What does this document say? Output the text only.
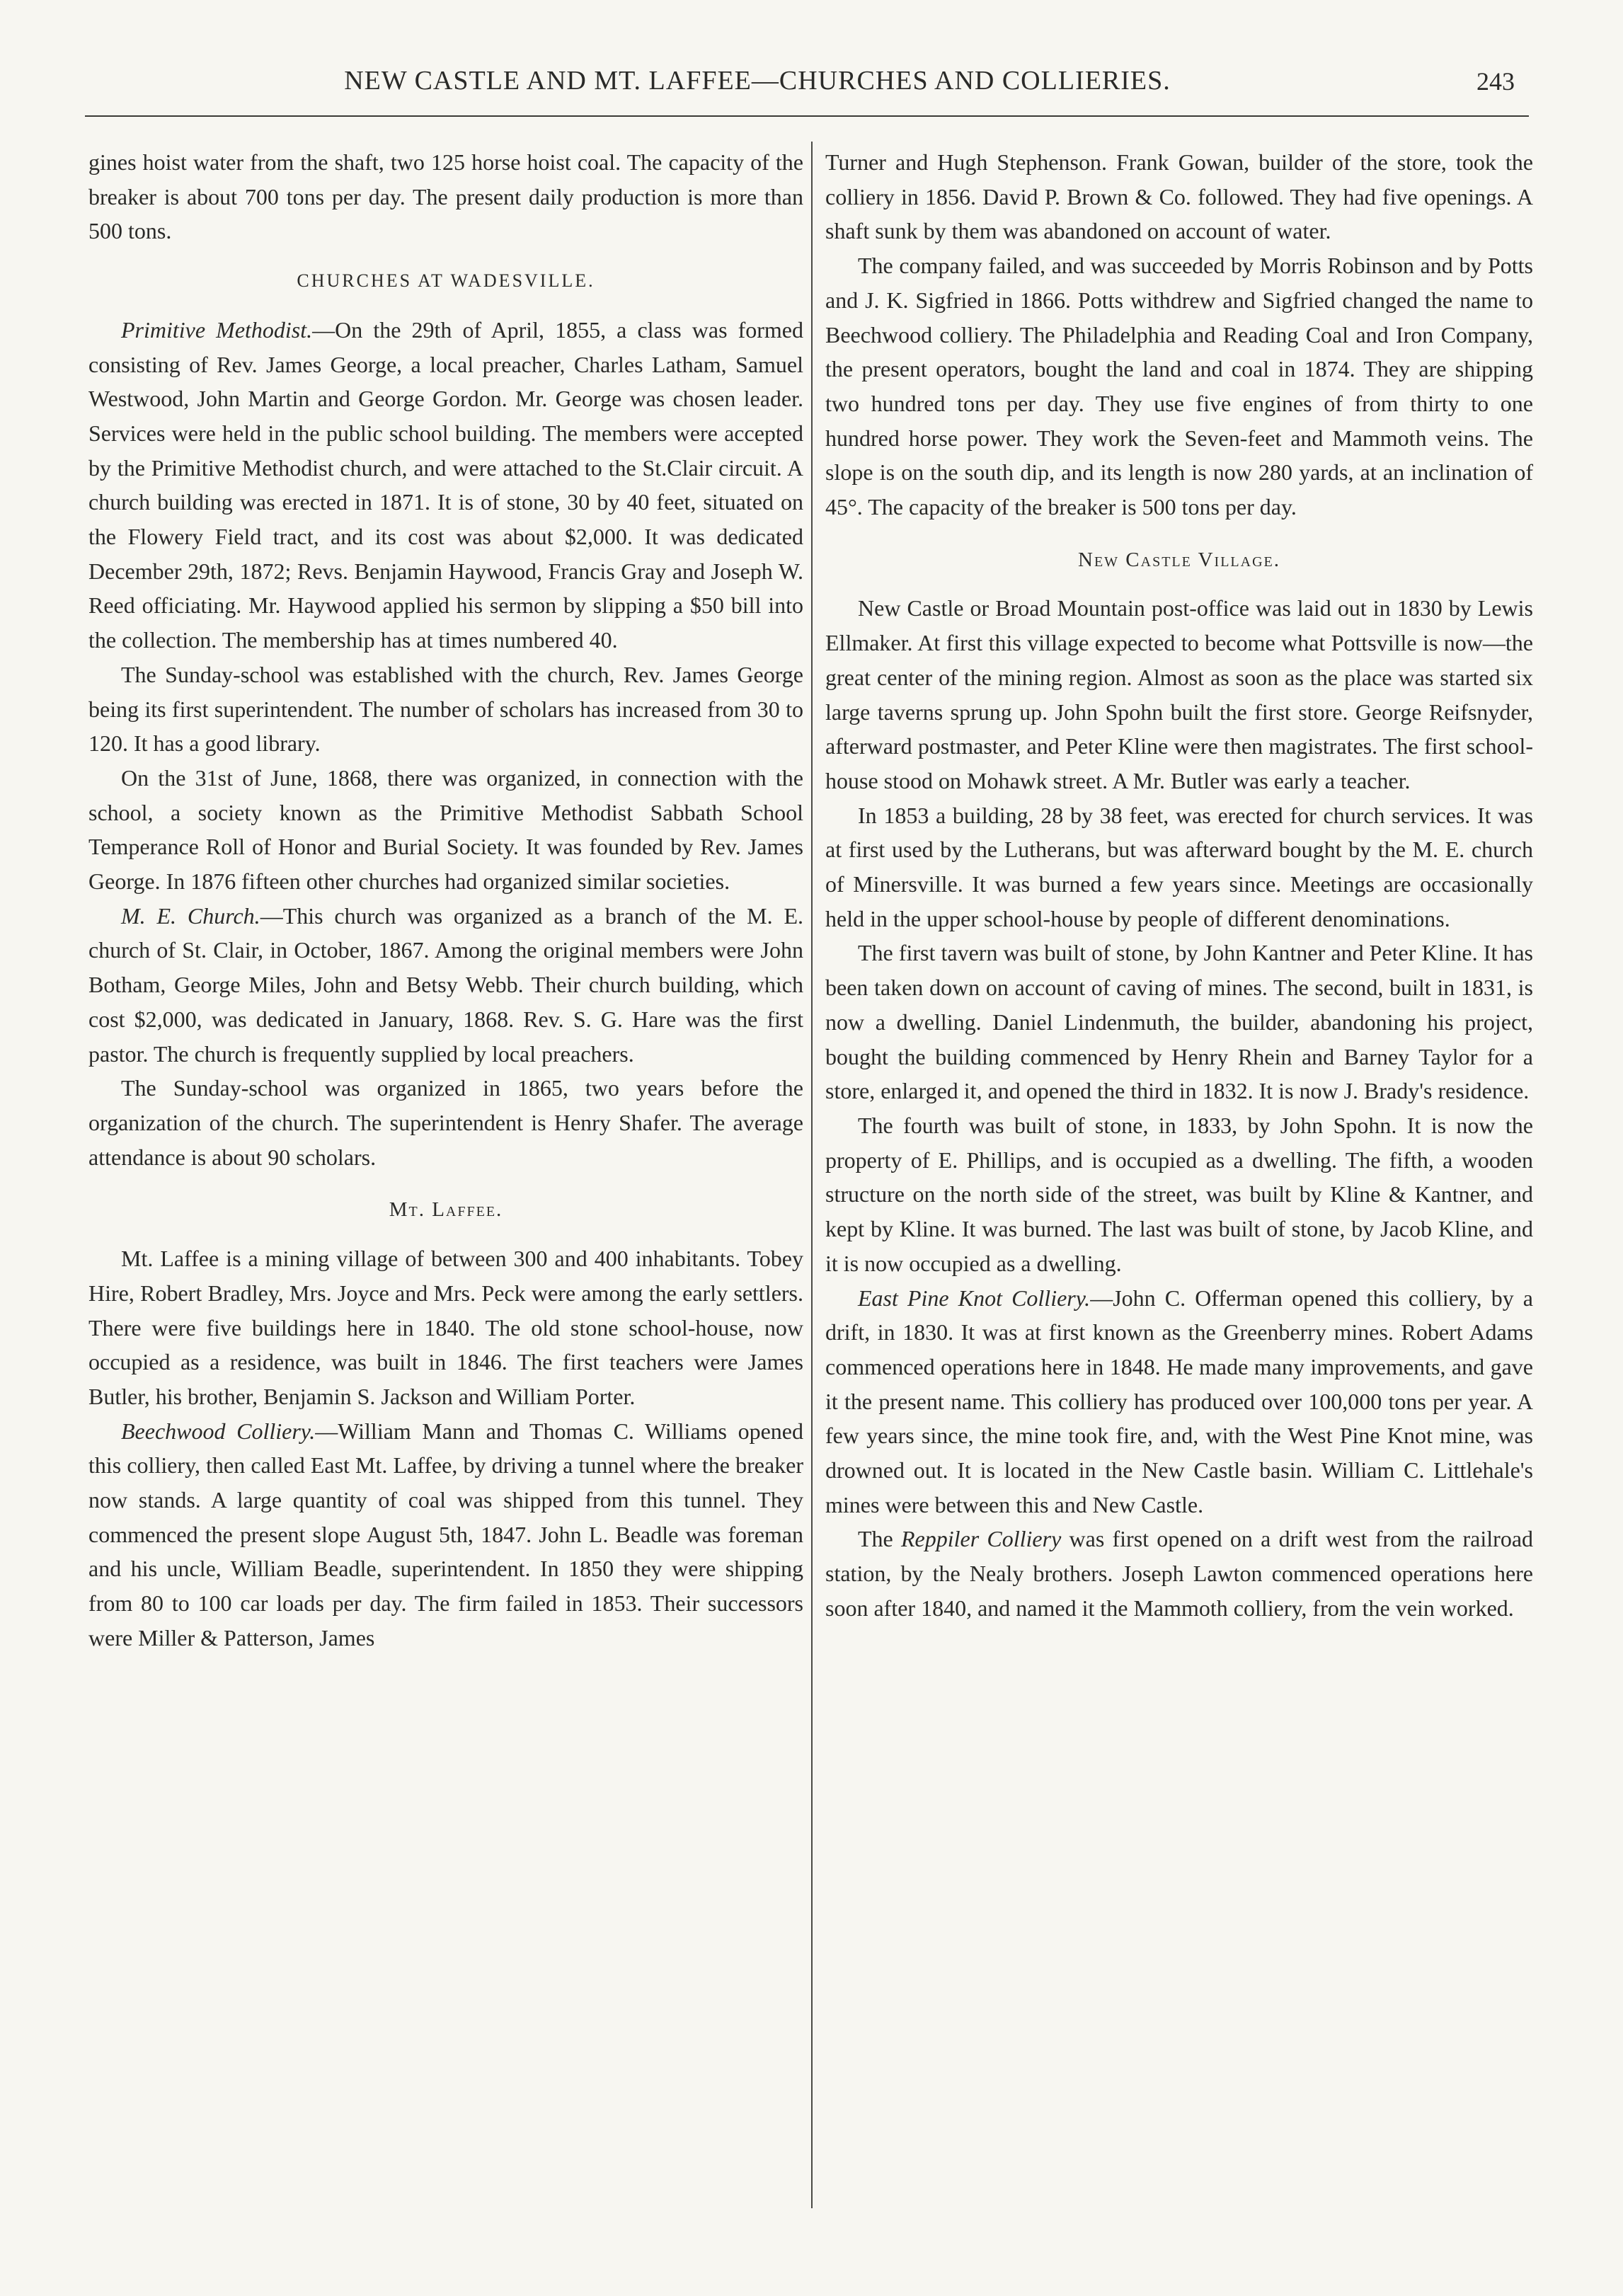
NEW CASTLE AND MT. LAFFEE—CHURCHES AND COLLIERIES.	243

gines hoist water from the shaft, two 125 horse hoist coal. The capacity of the breaker is about 700 tons per day. The present daily production is more than 500 tons.

CHURCHES AT WADESVILLE.

Primitive Methodist.—On the 29th of April, 1855, a class was formed consisting of Rev. James George, a local preacher, Charles Latham, Samuel Westwood, John Martin and George Gordon. Mr. George was chosen leader. Services were held in the public school building. The members were accepted by the Primitive Methodist church, and were attached to the St.Clair circuit. A church building was erected in 1871. It is of stone, 30 by 40 feet, situated on the Flowery Field tract, and its cost was about $2,000. It was dedicated December 29th, 1872; Revs. Benjamin Haywood, Francis Gray and Joseph W. Reed officiating. Mr. Haywood applied his sermon by slipping a $50 bill into the collection. The membership has at times numbered 40.

The Sunday-school was established with the church, Rev. James George being its first superintendent. The number of scholars has increased from 30 to 120. It has a good library.

On the 31st of June, 1868, there was organized, in connection with the school, a society known as the Primitive Methodist Sabbath School Temperance Roll of Honor and Burial Society. It was founded by Rev. James George. In 1876 fifteen other churches had organized similar societies.

M. E. Church.—This church was organized as a branch of the M. E. church of St. Clair, in October, 1867. Among the original members were John Botham, George Miles, John and Betsy Webb. Their church building, which cost $2,000, was dedicated in January, 1868. Rev. S. G. Hare was the first pastor. The church is frequently supplied by local preachers.

The Sunday-school was organized in 1865, two years before the organization of the church. The superintendent is Henry Shafer. The average attendance is about 90 scholars.

Mt. Laffee.

Mt. Laffee is a mining village of between 300 and 400 inhabitants. Tobey Hire, Robert Bradley, Mrs. Joyce and Mrs. Peck were among the early settlers. There were five buildings here in 1840. The old stone school-house, now occupied as a residence, was built in 1846. The first teachers were James Butler, his brother, Benjamin S. Jackson and William Porter.

Beechwood Colliery.—William Mann and Thomas C. Williams opened this colliery, then called East Mt. Laffee, by driving a tunnel where the breaker now stands. A large quantity of coal was shipped from this tunnel. They commenced the present slope August 5th, 1847. John L. Beadle was foreman and his uncle, William Beadle, superintendent. In 1850 they were shipping from 80 to 100 car loads per day. The firm failed in 1853. Their successors were Miller & Patterson, James

Turner and Hugh Stephenson. Frank Gowan, builder of the store, took the colliery in 1856. David P. Brown & Co. followed. They had five openings. A shaft sunk by them was abandoned on account of water.

The company failed, and was succeeded by Morris Robinson and by Potts and J. K. Sigfried in 1866. Potts withdrew and Sigfried changed the name to Beechwood colliery. The Philadelphia and Reading Coal and Iron Company, the present operators, bought the land and coal in 1874. They are shipping two hundred tons per day. They use five engines of from thirty to one hundred horse power. They work the Seven-feet and Mammoth veins. The slope is on the south dip, and its length is now 280 yards, at an inclination of 45°. The capacity of the breaker is 500 tons per day.

New Castle Village.

New Castle or Broad Mountain post-office was laid out in 1830 by Lewis Ellmaker. At first this village expected to become what Pottsville is now—the great center of the mining region. Almost as soon as the place was started six large taverns sprung up. John Spohn built the first store. George Reifsnyder, afterward postmaster, and Peter Kline were then magistrates. The first school-house stood on Mohawk street. A Mr. Butler was early a teacher.

In 1853 a building, 28 by 38 feet, was erected for church services. It was at first used by the Lutherans, but was afterward bought by the M. E. church of Minersville. It was burned a few years since. Meetings are occasionally held in the upper school-house by people of different denominations.

The first tavern was built of stone, by John Kantner and Peter Kline. It has been taken down on account of caving of mines. The second, built in 1831, is now a dwelling. Daniel Lindenmuth, the builder, abandoning his project, bought the building commenced by Henry Rhein and Barney Taylor for a store, enlarged it, and opened the third in 1832. It is now J. Brady's residence.

The fourth was built of stone, in 1833, by John Spohn. It is now the property of E. Phillips, and is occupied as a dwelling. The fifth, a wooden structure on the north side of the street, was built by Kline & Kantner, and kept by Kline. It was burned. The last was built of stone, by Jacob Kline, and it is now occupied as a dwelling.

East Pine Knot Colliery.—John C. Offerman opened this colliery, by a drift, in 1830. It was at first known as the Greenberry mines. Robert Adams commenced operations here in 1848. He made many improvements, and gave it the present name. This colliery has produced over 100,000 tons per year. A few years since, the mine took fire, and, with the West Pine Knot mine, was drowned out. It is located in the New Castle basin. William C. Littlehale's mines were between this and New Castle.

The Reppiler Colliery was first opened on a drift west from the railroad station, by the Nealy brothers. Joseph Lawton commenced operations here soon after 1840, and named it the Mammoth colliery, from the vein worked.
